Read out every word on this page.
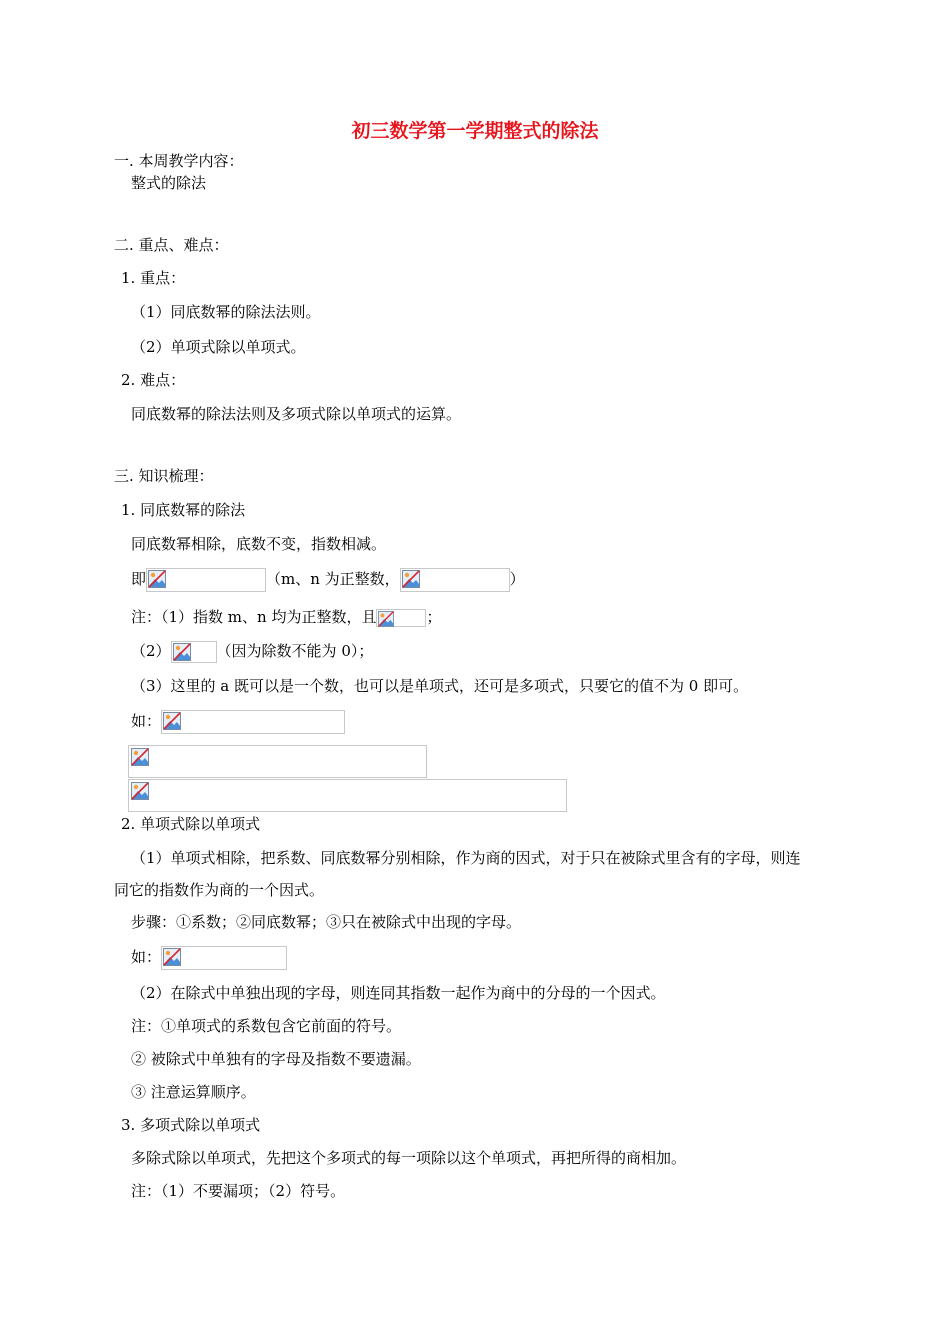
初三数学第一学期整式的除法
一. 本周教学内容：
整式的除法
二. 重点、难点：
1. 重点：
（1）同底数幂的除法法则。
（2）单项式除以单项式。
2. 难点：
同底数幂的除法法则及多项式除以单项式的运算。
三. 知识梳理：
1. 同底数幂的除法
同底数幂相除，底数不变，指数相减。
即	（m、n 为正整数，	）
注：（1）指数 m、n 均为正整数，且	；
（2）	（因为除数不能为 0）；
（3）这里的 a 既可以是一个数，也可以是单项式，还可是多项式，只要它的值不为 0 即可。
如：
2. 单项式除以单项式
（1）单项式相除，把系数、同底数幂分别相除，作为商的因式，对于只在被除式里含有的字母，则连
同它的指数作为商的一个因式。
步骤：①系数；②同底数幂；③只在被除式中出现的字母。
如：
（2）在除式中单独出现的字母，则连同其指数一起作为商中的分母的一个因式。
注：①单项式的系数包含它前面的符号。
② 被除式中单独有的字母及指数不要遗漏。
③ 注意运算顺序。
3. 多项式除以单项式
多除式除以单项式，先把这个多项式的每一项除以这个单项式，再把所得的商相加。
注：（1）不要漏项；（2）符号。
